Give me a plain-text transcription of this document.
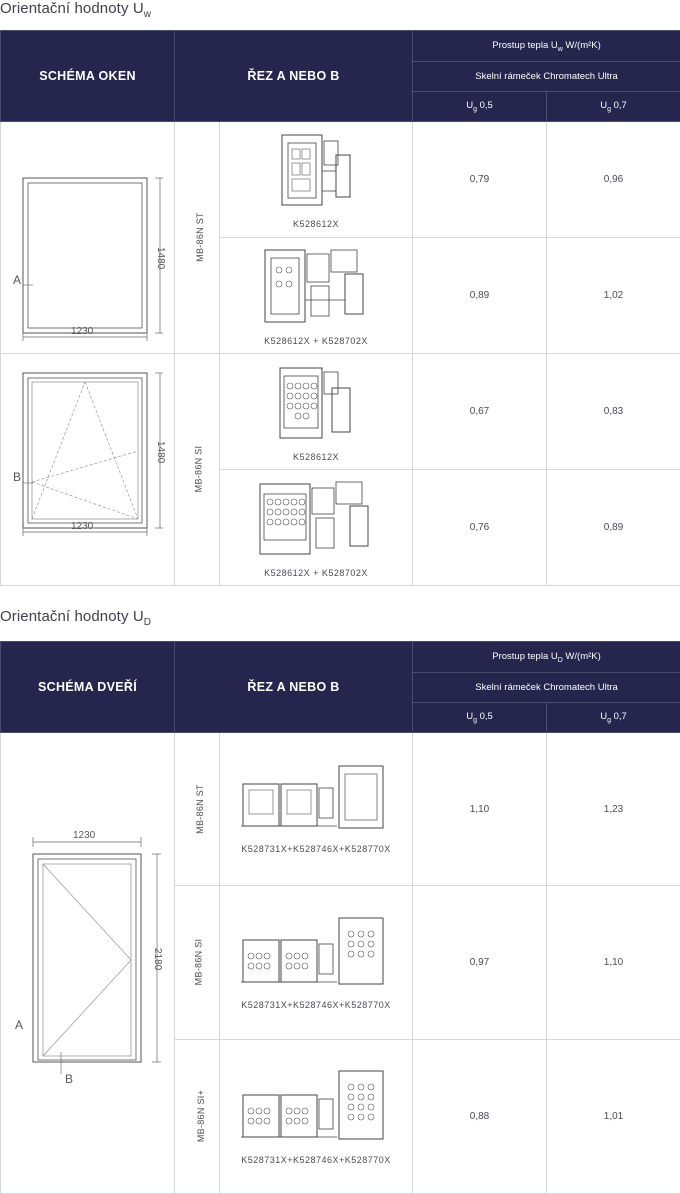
Orientační hodnoty $U_w$
SCHÉMA OKEN	ŘEZ A NEBO B		Prostup tepla $U_w$ W/(m²K)	
			Skelní rámeček Chromatech Ultra	
			$U_g$ 0,5	$U_g$ 0,7

A
1480
1230	MB-86N ST	K528612X	0,79	0,96

		K528612X + K528702X	0,89	1,02

B
1480
1230	MB-86N SI	K528612X	0,67	0,83

		K528612X + K528702X	0,76	0,89
Orientační hodnoty $U_D$
SCHÉMA DVEŘÍ	ŘEZ A NEBO B		Prostup tepla $U_D$ W/(m²K)	
			Skelní rámeček Chromatech Ultra	
			$U_g$ 0,5	$U_g$ 0,7

1230
2180
A
B	MB-86N ST	K528731X+K528746X+K528770X	1,10	1,23
	MB-86N SI	K528731X+K528746X+K528770X	0,97	1,10
	MB-86N SI+	K528731X+K528746X+K528770X	0,88	1,01
